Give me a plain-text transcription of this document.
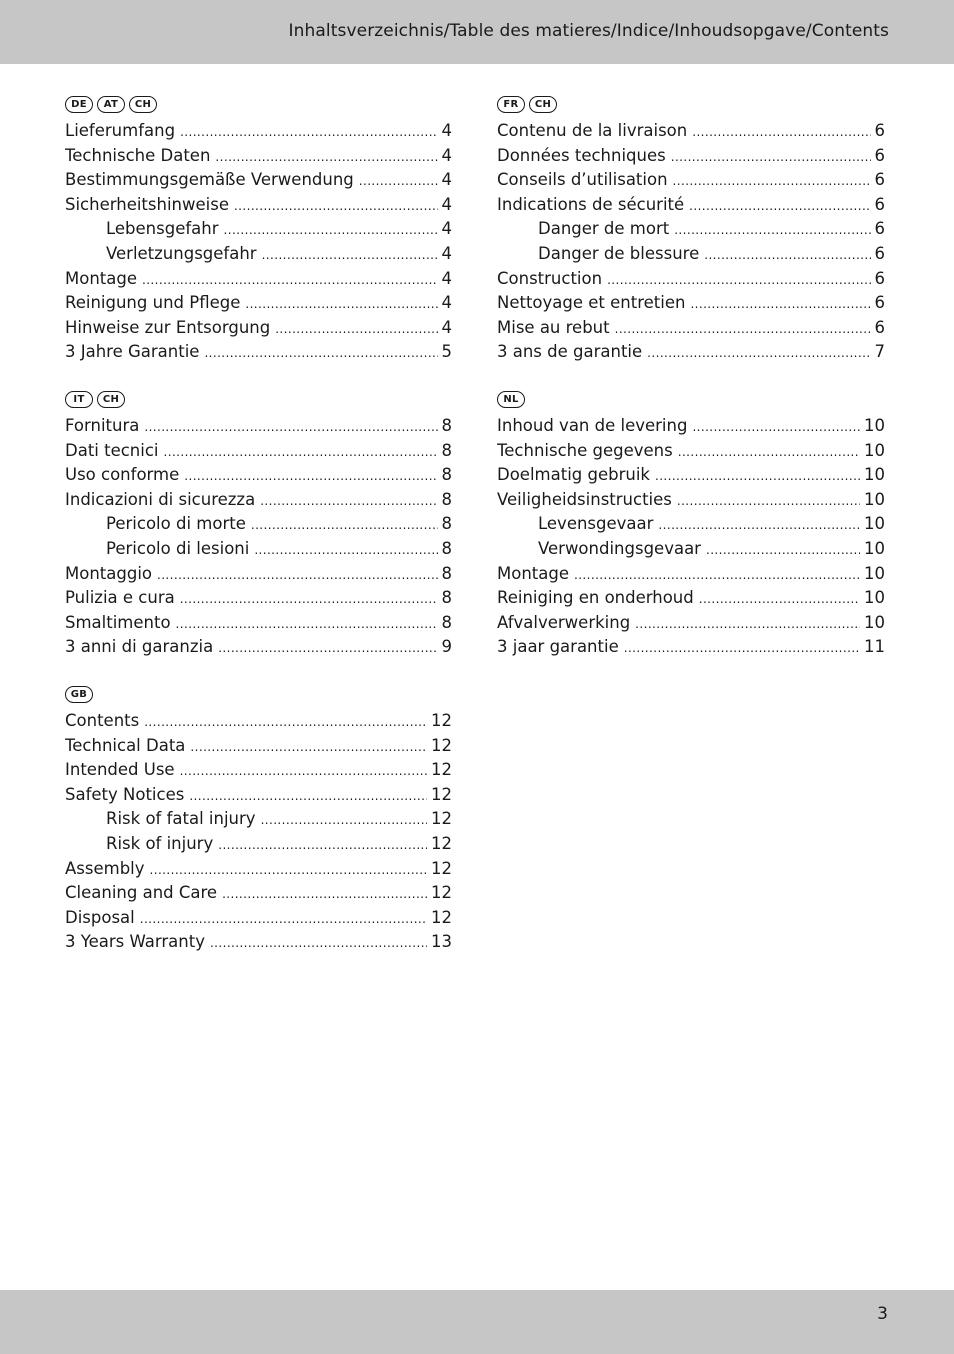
Inhaltsverzeichnis/Table des matieres/Indice/Inhoudsopgave/Contents
DE	AT	CH
Lieferumfang .....	4
Technische Daten .....	4
Bestimmungsgemäße Verwendung .....	4
Sicherheitshinweise .....	4
Lebensgefahr .....	4
Verletzungsgefahr .....	4
Montage .....	4
Reinigung und Pflege .....	4
Hinweise zur Entsorgung .....	4
3 Jahre Garantie .....	5
IT	CH
Fornitura .....	8
Dati tecnici .....	8
Uso conforme .....	8
Indicazioni di sicurezza .....	8
Pericolo di morte .....	8
Pericolo di lesioni .....	8
Montaggio .....	8
Pulizia e cura .....	8
Smaltimento .....	8
3 anni di garanzia .....	9
GB
Contents .....	12
Technical Data .....	12
Intended Use .....	12
Safety Notices .....	12
Risk of fatal injury .....	12
Risk of injury .....	12
Assembly .....	12
Cleaning and Care .....	12
Disposal .....	12
3 Years Warranty .....	13
FR	CH
Contenu de la livraison .....	6
Données techniques .....	6
Conseils d’utilisation .....	6
Indications de sécurité .....	6
Danger de mort .....	6
Danger de blessure .....	6
Construction .....	6
Nettoyage et entretien .....	6
Mise au rebut .....	6
3 ans de garantie .....	7
NL
Inhoud van de levering .....	10
Technische gegevens .....	10
Doelmatig gebruik .....	10
Veiligheidsinstructies .....	10
Levensgevaar .....	10
Verwondingsgevaar .....	10
Montage .....	10
Reiniging en onderhoud .....	10
Afvalverwerking .....	10
3 jaar garantie .....	11
3
